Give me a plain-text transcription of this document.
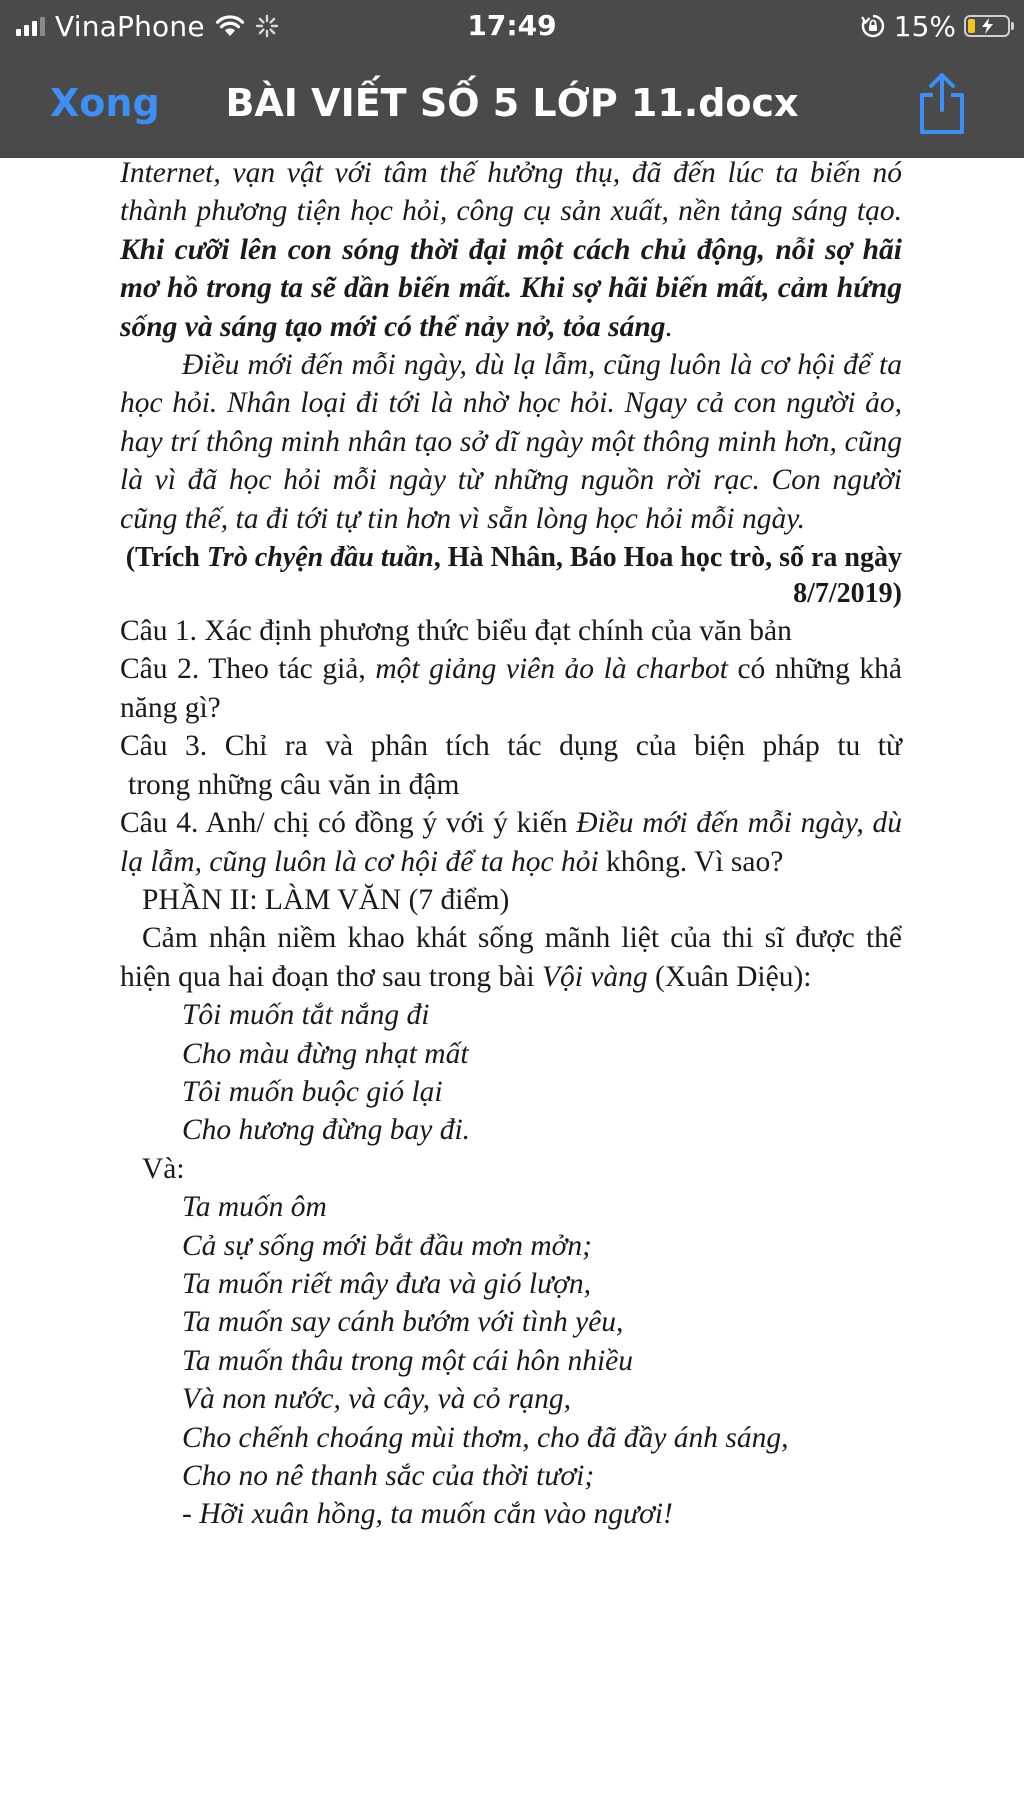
VinaPhone	17:49	15%
Xong	BÀI VIẾT SỐ 5 LỚP 11.docx

Internet, vạn vật với tâm thế hưởng thụ, đã đến lúc ta biến nó thành phương tiện học hỏi, công cụ sản xuất, nền tảng sáng tạo. Khi cưỡi lên con sóng thời đại một cách chủ động, nỗi sợ hãi mơ hồ trong ta sẽ dần biến mất. Khi sợ hãi biến mất, cảm hứng sống và sáng tạo mới có thể nảy nở, tỏa sáng.

Điều mới đến mỗi ngày, dù lạ lẫm, cũng luôn là cơ hội để ta học hỏi. Nhân loại đi tới là nhờ học hỏi. Ngay cả con người ảo, hay trí thông minh nhân tạo sở dĩ ngày một thông minh hơn, cũng là vì đã học hỏi mỗi ngày từ những nguồn rời rạc. Con người cũng thế, ta đi tới tự tin hơn vì sẵn lòng học hỏi mỗi ngày.

(Trích Trò chyện đầu tuần, Hà Nhân, Báo Hoa học trò, số ra ngày 8/7/2019)

Câu 1. Xác định phương thức biểu đạt chính của văn bản

Câu 2. Theo tác giả, một giảng viên ảo là charbot có những khả năng gì?

Câu 3. Chỉ ra và phân tích tác dụng của biện pháp tu từ

trong những câu văn in đậm

Câu 4. Anh/ chị có đồng ý với ý kiến Điều mới đến mỗi ngày, dù lạ lẫm, cũng luôn là cơ hội để ta học hỏi không. Vì sao?

PHẦN II: LÀM VĂN (7 điểm)

Cảm nhận niềm khao khát sống mãnh liệt của thi sĩ được thể hiện qua hai đoạn thơ sau trong bài Vội vàng (Xuân Diệu):

Tôi muốn tắt nắng đi
Cho màu đừng nhạt mất
Tôi muốn buộc gió lại
Cho hương đừng bay đi.

Và:

Ta muốn ôm
Cả sự sống mới bắt đầu mơn mởn;
Ta muốn riết mây đưa và gió lượn,
Ta muốn say cánh bướm với tình yêu,
Ta muốn thâu trong một cái hôn nhiều
Và non nước, và cây, và cỏ rạng,
Cho chếnh choáng mùi thơm, cho đã đầy ánh sáng,
Cho no nê thanh sắc của thời tươi;
- Hỡi xuân hồng, ta muốn cắn vào ngươi!
